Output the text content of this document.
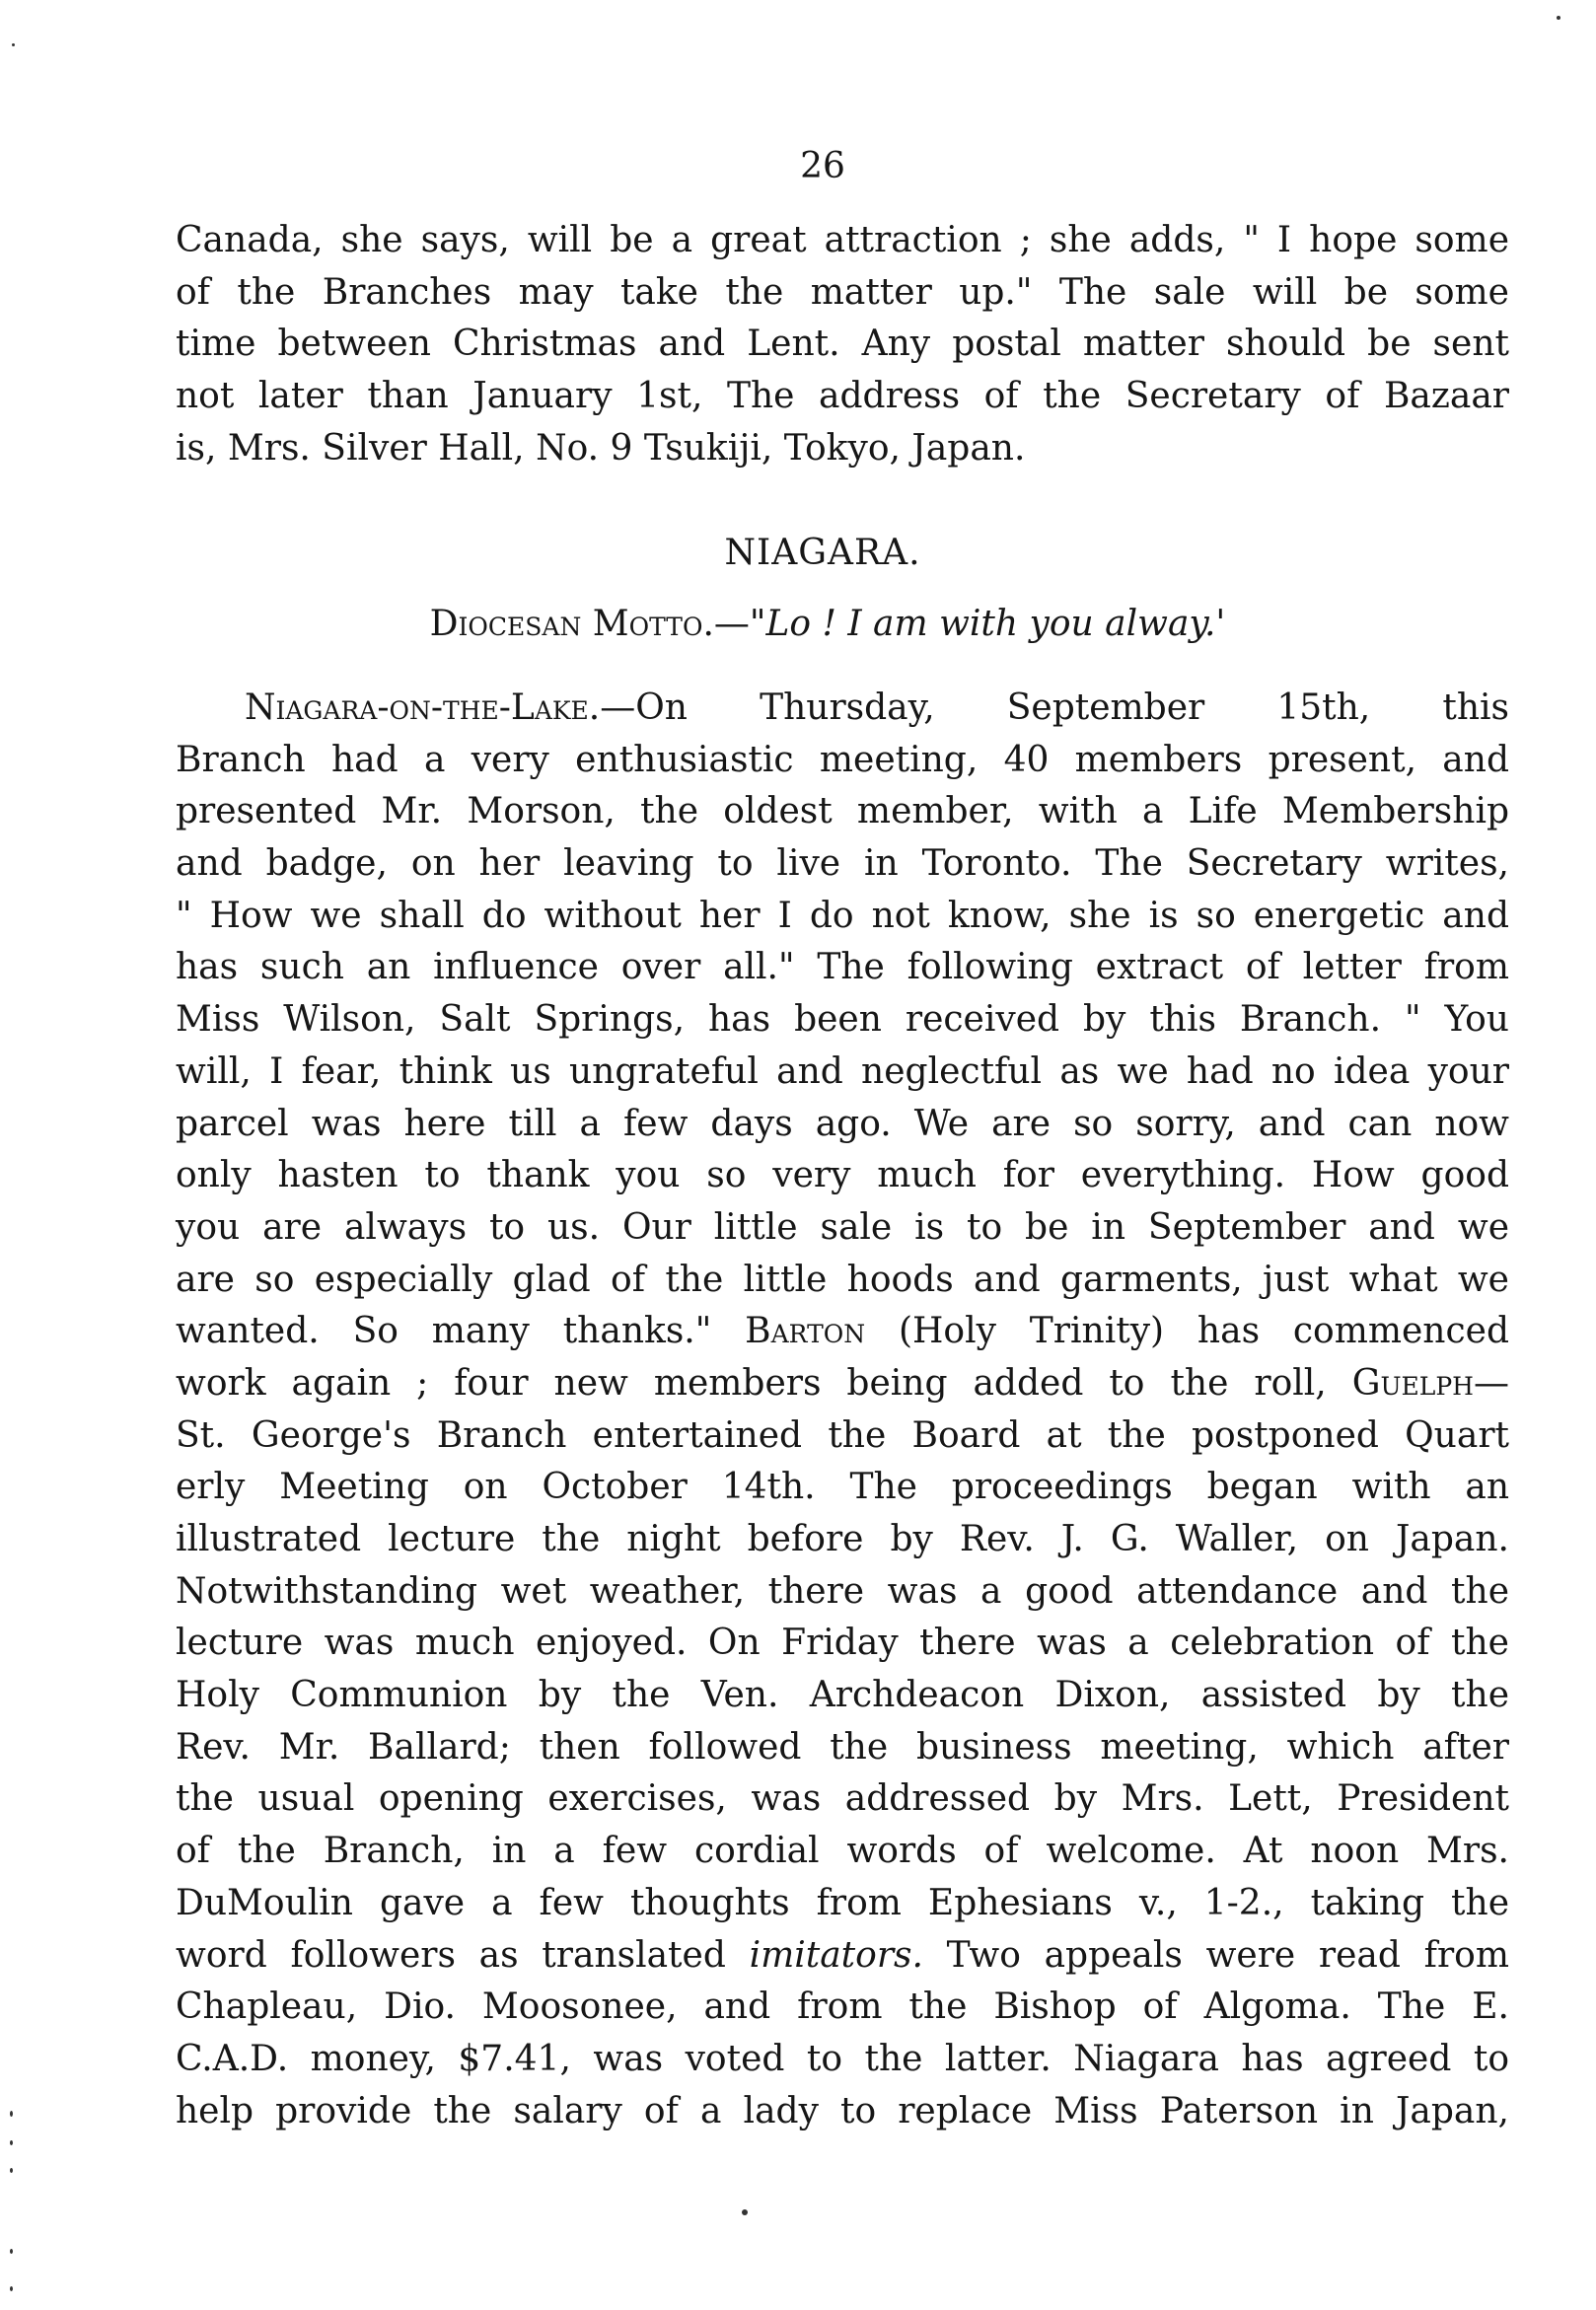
26
Canada, she says, will be a great attraction ; she adds, " I hope some
of the Branches may take the matter up." The sale will be some
time between Christmas and Lent. Any postal matter should be sent
not later than January 1st, The address of the Secretary of Bazaar
is, Mrs. Silver Hall, No. 9 Tsukiji, Tokyo, Japan.
NIAGARA.
Diocesan Motto.—"Lo ! I am with you alway.'
Niagara-on-the-Lake.—On Thursday, September 15th, this
Branch had a very enthusiastic meeting, 40 members present, and
presented Mr. Morson, the oldest member, with a Life Membership
and badge, on her leaving to live in Toronto. The Secretary writes,
" How we shall do without her I do not know, she is so energetic and
has such an influence over all." The following extract of letter from
Miss Wilson, Salt Springs, has been received by this Branch. " You
will, I fear, think us ungrateful and neglectful as we had no idea your
parcel was here till a few days ago. We are so sorry, and can now
only hasten to thank you so very much for everything. How good
you are always to us. Our little sale is to be in September and we
are so especially glad of the little hoods and garments, just what we
wanted. So many thanks." Barton (Holy Trinity) has commenced
work again ; four new members being added to the roll, Guelph—
St. George's Branch entertained the Board at the postponed Quart
erly Meeting on October 14th. The proceedings began with an
illustrated lecture the night before by Rev. J. G. Waller, on Japan.
Notwithstanding wet weather, there was a good attendance and the
lecture was much enjoyed. On Friday there was a celebration of the
Holy Communion by the Ven. Archdeacon Dixon, assisted by the
Rev. Mr. Ballard; then followed the business meeting, which after
the usual opening exercises, was addressed by Mrs. Lett, President
of the Branch, in a few cordial words of welcome. At noon Mrs.
DuMoulin gave a few thoughts from Ephesians v., 1-2., taking the
word followers as translated imitators. Two appeals were read from
Chapleau, Dio. Moosonee, and from the Bishop of Algoma. The E.
C.A.D. money, $7.41, was voted to the latter. Niagara has agreed to
help provide the salary of a lady to replace Miss Paterson in Japan,
